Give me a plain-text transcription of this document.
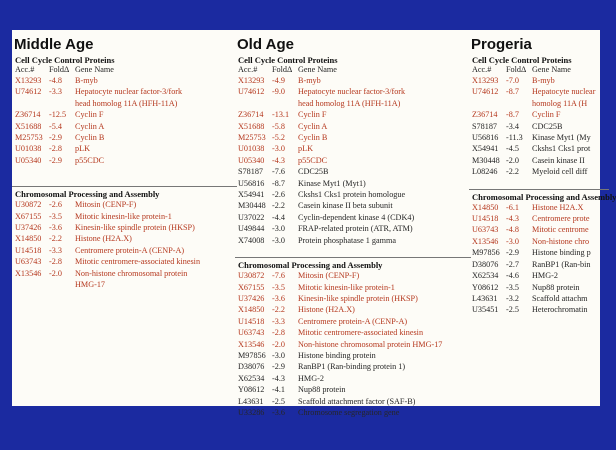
Middle Age
Cell Cycle Control Proteins
Acc.#	FoldΔ Gene Name
X13293 -4.8	B-myb
U74612 -3.3	Hepatocyte nuclear factor-3/fork
head homolog 11A (HFH-11A)
Z36714	-12.5	Cyclin F
X51688 -5.4	Cyclin A
M25753 -2.9	Cyclin B
U01038 -2.8	pLK
U05340 -2.9	p55CDC
Chromosomal Processing and Assembly
U30872 -2.6	Mitosin (CENP-F)
X67155 -3.5	Mitotic kinesin-like protein-1
U37426 -3.6	Kinesin-like spindle protein (HKSP)
X14850 -2.2	Histone (H2A.X)
U14518 -3.3	Centromere protein-A (CENP-A)
U63743 -2.8	Mitotic centromere-associated kinesin
X13546 -2.0	Non-histone chromosomal protein
HMG-17
Old Age
Cell Cycle Control Proteins
Acc.#	FoldΔ Gene Name
X13293 -4.9	B-myb
U74612 -9.0	Hepatocyte nuclear factor-3/fork
head homolog 11A (HFH-11A)
Z36714	-13.1	Cyclin F
X51688 -5.8	Cyclin A
M25753 -5.2	Cyclin B
U01038 -3.0	pLK
U05340 -4.3	p55CDC
S78187	-7.6	CDC25B
U56816 -8.7	Kinase Myt1 (Myt1)
X54941 -2.6	Ckshs1 Cks1 protein homologue
M30448 -2.2	Casein kinase II beta subunit
U37022 -4.4	Cyclin-dependent kinase 4 (CDK4)
U49844 -3.0	FRAP-related protein (ATR, ATM)
X74008 -3.0	Protein phosphatase 1 gamma
Chromosomal Processing and Assembly
U30872 -7.6	Mitosin (CENP-F)
X67155 -3.5	Mitotic kinesin-like protein-1
U37426 -3.6	Kinesin-like spindle protein (HKSP)
X14850 -2.2	Histone (H2A.X)
U14518 -3.3	Centromere protein-A (CENP-A)
U63743 -2.8	Mitotic centromere-associated kinesin
X13546 -2.0	Non-histone chromosomal protein HMG-17
M97856 -3.0	Histone binding protein
D38076 -2.9	RanBP1 (Ran-binding protein 1)
X62534 -4.3	HMG-2
Y08612 -4.1	Nup88 protein
L43631	-2.5	Scaffold attachment factor (SAF-B)
U33286 -3.6	Chromosome segregation gene
Progeria
Cell Cycle Control Proteins
Acc.#	FoldΔ Gene Name
X13293 -7.0	B-myb
U74612 -8.7	Hepatocyte nuclear
homolog 11A (H
Z36714	-8.7	Cyclin F
S78187	-3.4	CDC25B
U56816 -11.3	Kinase Myt1 (My
X54941 -4.5	Ckshs1 Cks1 prot
M30448 -2.0	Casein kinase II
L08246	-2.2	Myeloid cell diff
Chromosomal Processing and Assembly
X14850 -6.1	Histone H2A.X
U14518 -4.3	Centromere prote
U63743 -4.8	Mitotic centrome
X13546 -3.0	Non-histone chro
M97856 -2.9	Histone binding p
D38076 -2.7	RanBP1 (Ran-bin
X62534 -4.6	HMG-2
Y08612 -3.5	Nup88 protein
L43631	-3.2	Scaffold attachm
U35451 -2.5	Heterochromatin
